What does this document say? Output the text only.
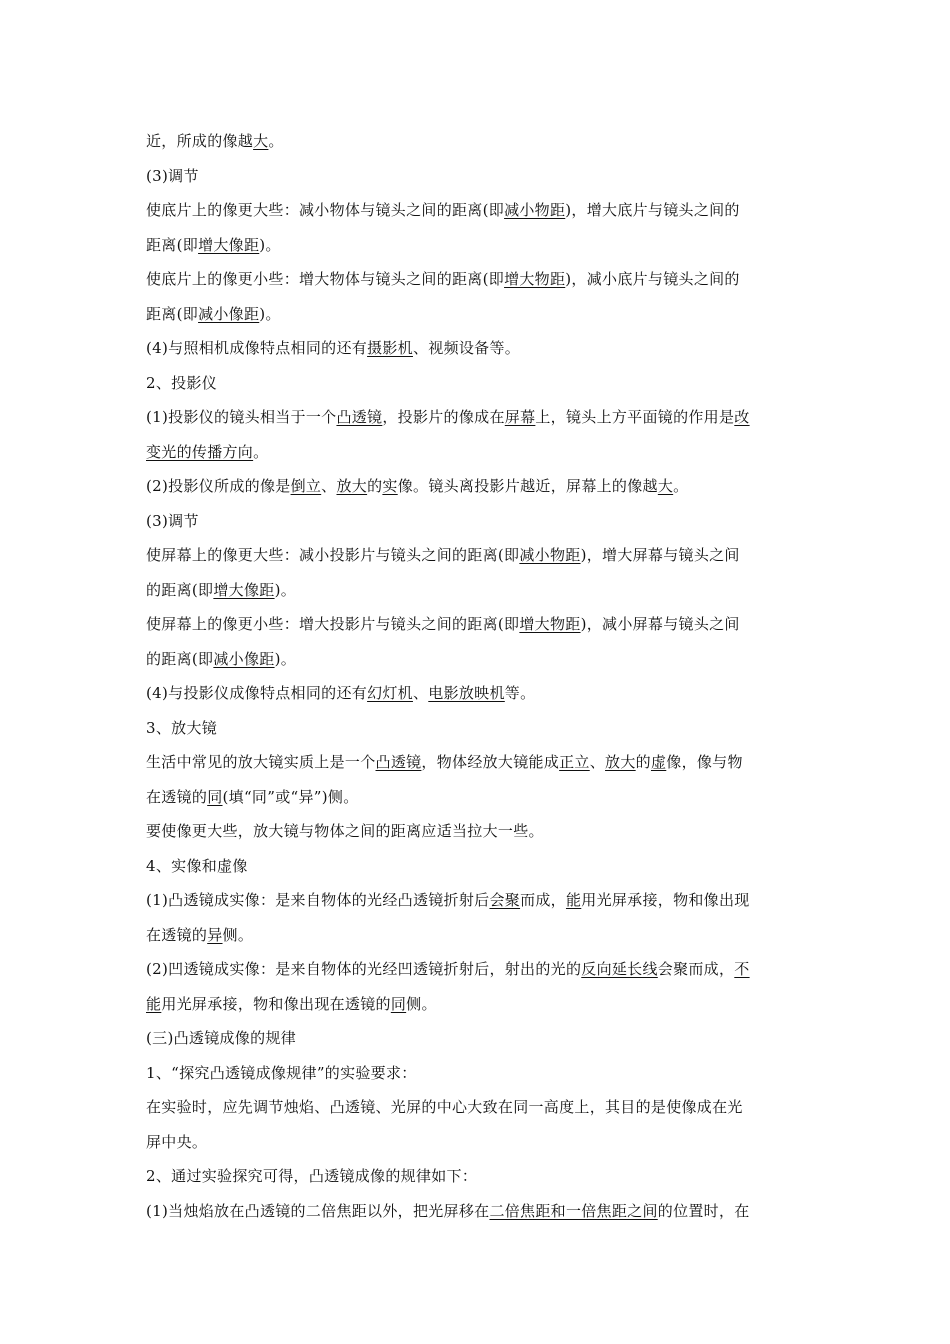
近，所成的像越大。
(3)调节
使底片上的像更大些：减小物体与镜头之间的距离(即减小物距)，增大底片与镜头之间的
距离(即增大像距)。
使底片上的像更小些：增大物体与镜头之间的距离(即增大物距)，减小底片与镜头之间的
距离(即减小像距)。
(4)与照相机成像特点相同的还有摄影机、视频设备等。
2、投影仪
(1)投影仪的镜头相当于一个凸透镜，投影片的像成在屏幕上，镜头上方平面镜的作用是改
变光的传播方向。
(2)投影仪所成的像是倒立、放大的实像。镜头离投影片越近，屏幕上的像越大。
(3)调节
使屏幕上的像更大些：减小投影片与镜头之间的距离(即减小物距)，增大屏幕与镜头之间
的距离(即增大像距)。
使屏幕上的像更小些：增大投影片与镜头之间的距离(即增大物距)，减小屏幕与镜头之间
的距离(即减小像距)。
(4)与投影仪成像特点相同的还有幻灯机、电影放映机等。
3、放大镜
生活中常见的放大镜实质上是一个凸透镜，物体经放大镜能成正立、放大的虚像，像与物
在透镜的同(填“同”或“异”)侧。
要使像更大些，放大镜与物体之间的距离应适当拉大一些。
4、实像和虚像
(1)凸透镜成实像：是来自物体的光经凸透镜折射后会聚而成，能用光屏承接，物和像出现
在透镜的异侧。
(2)凹透镜成实像：是来自物体的光经凹透镜折射后，射出的光的反向延长线会聚而成，不
能用光屏承接，物和像出现在透镜的同侧。
(三)凸透镜成像的规律
1、“探究凸透镜成像规律”的实验要求：
在实验时，应先调节烛焰、凸透镜、光屏的中心大致在同一高度上，其目的是使像成在光
屏中央。
2、通过实验探究可得，凸透镜成像的规律如下：
(1)当烛焰放在凸透镜的二倍焦距以外，把光屏移在二倍焦距和一倍焦距之间的位置时，在
